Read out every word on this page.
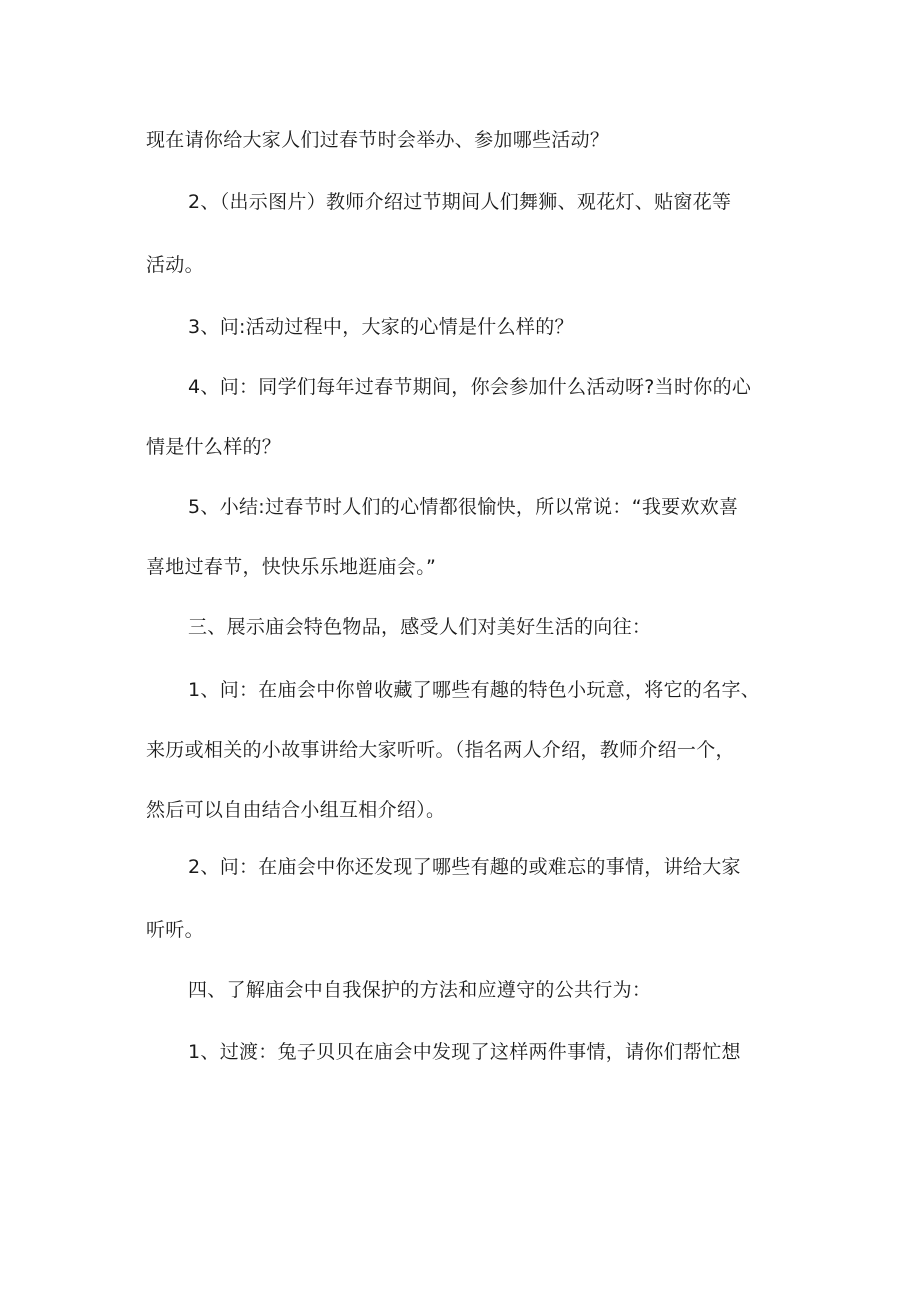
现在请你给大家人们过春节时会举办、参加哪些活动？

2、（出示图片）教师介绍过节期间人们舞狮、观花灯、贴窗花等

活动。

3、问:活动过程中，大家的心情是什么样的？

4、问：同学们每年过春节期间，你会参加什么活动呀?当时你的心

情是什么样的？

5、小结:过春节时人们的心情都很愉快，所以常说：“我要欢欢喜

喜地过春节，快快乐乐地逛庙会。”

三、展示庙会特色物品，感受人们对美好生活的向往：

1、问：在庙会中你曾收藏了哪些有趣的特色小玩意，将它的名字、

来历或相关的小故事讲给大家听听。（指名两人介绍，教师介绍一个，

然后可以自由结合小组互相介绍）。

2、问：在庙会中你还发现了哪些有趣的或难忘的事情，讲给大家

听听。

四、了解庙会中自我保护的方法和应遵守的公共行为：

1、过渡：兔子贝贝在庙会中发现了这样两件事情，请你们帮忙想
